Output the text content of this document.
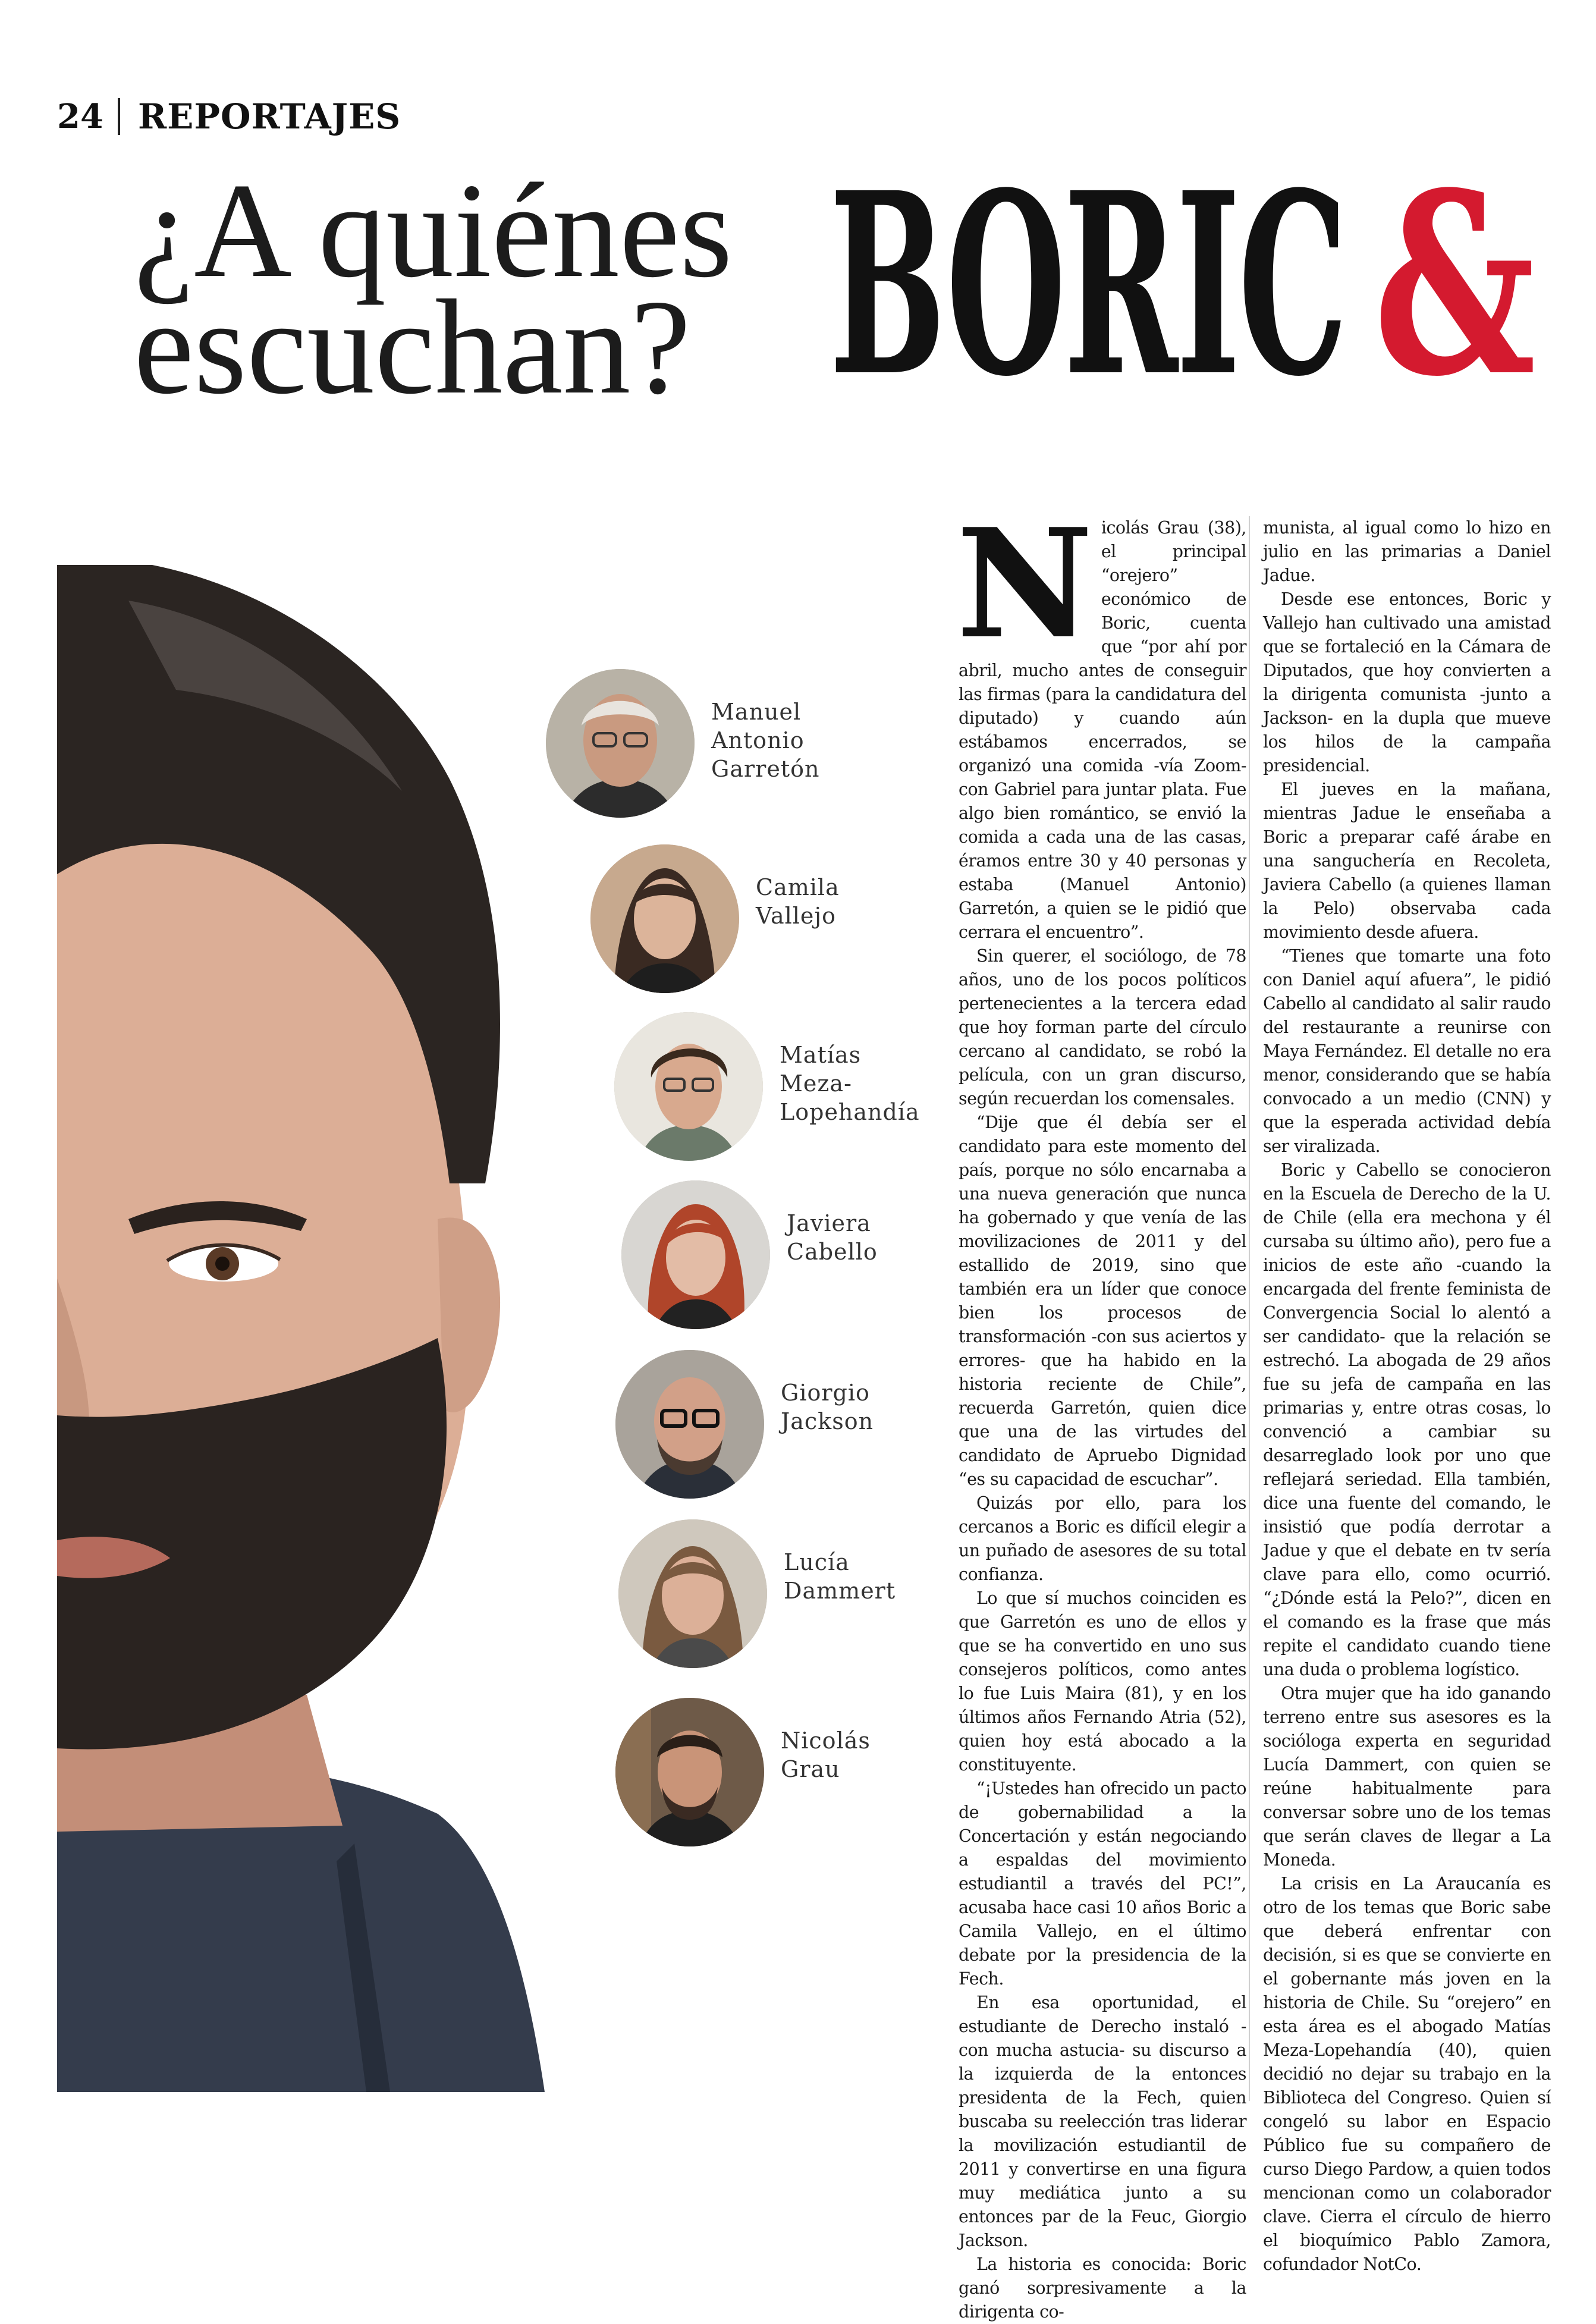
24 REPORTAJES
¿A quiénes
escuchan? BORIC &
Manuel
Antonio
Garretón
Camila
Vallejo
Matías
Meza-
Lopehandía
Javiera
Cabello
Giorgio
Jackson
Lucía
Dammert
Nicolás
Grau
N icolás Grau (38), el principal “orejero” económico de Boric, cuenta que “por ahí por abril, mucho antes de conseguir las firmas (para la candidatura del diputado) y cuando aún estábamos encerrados, se organizó una comida -vía Zoom- con Gabriel para juntar plata. Fue algo bien romántico, se envió la comida a cada una de las casas, éramos entre 30 y 40 personas y estaba (Manuel Antonio) Garretón, a quien se le pidió que cerrara el encuentro”.

Sin querer, el sociólogo, de 78 años, uno de los pocos políticos pertenecientes a la tercera edad que hoy forman parte del círculo cercano al candidato, se robó la película, con un gran discurso, según recuerdan los comensales.

“Dije que él debía ser el candidato para este momento del país, porque no sólo encarnaba a una nueva generación que nunca ha gobernado y que venía de las movilizaciones de 2011 y del estallido de 2019, sino que también era un líder que conoce bien los procesos de transformación -con sus aciertos y errores- que ha habido en la historia reciente de Chile”, recuerda Garretón, quien dice que una de las virtudes del candidato de Apruebo Dignidad “es su capacidad de escuchar”.

Quizás por ello, para los cercanos a Boric es difícil elegir a un puñado de asesores de su total confianza.

Lo que sí muchos coinciden es que Garretón es uno de ellos y que se ha convertido en uno sus consejeros políticos, como antes lo fue Luis Maira (81), y en los últimos años Fernando Atria (52), quien hoy está abocado a la constituyente.

“¡Ustedes han ofrecido un pacto de gobernabilidad a la Concertación y están negociando a espaldas del movimiento estudiantil a través del PC!”, acusaba hace casi 10 años Boric a Camila Vallejo, en el último debate por la presidencia de la Fech.

En esa oportunidad, el estudiante de Derecho instaló -con mucha astucia- su discurso a la izquierda de la entonces presidenta de la Fech, quien buscaba su reelección tras liderar la movilización estudiantil de 2011 y convertirse en una figura muy mediática junto a su entonces par de la Feuc, Giorgio Jackson.

La historia es conocida: Boric ganó sorpresivamente a la dirigenta co-

munista, al igual como lo hizo en julio en las primarias a Daniel Jadue.

Desde ese entonces, Boric y Vallejo han cultivado una amistad que se fortaleció en la Cámara de Diputados, que hoy convierten a la dirigenta comunista -junto a Jackson- en la dupla que mueve los hilos de la campaña presidencial.

El jueves en la mañana, mientras Jadue le enseñaba a Boric a preparar café árabe en una sanguchería en Recoleta, Javiera Cabello (a quienes llaman la Pelo) observaba cada movimiento desde afuera.

“Tienes que tomarte una foto con Daniel aquí afuera”, le pidió Cabello al candidato al salir raudo del restaurante a reunirse con Maya Fernández. El detalle no era menor, considerando que se había convocado a un medio (CNN) y que la esperada actividad debía ser viralizada.

Boric y Cabello se conocieron en la Escuela de Derecho de la U. de Chile (ella era mechona y él cursaba su último año), pero fue a inicios de este año -cuando la encargada del frente feminista de Convergencia Social lo alentó a ser candidato- que la relación se estrechó. La abogada de 29 años fue su jefa de campaña en las primarias y, entre otras cosas, lo convenció a cambiar su desarreglado look por uno que reflejará seriedad. Ella también, dice una fuente del comando, le insistió que podía derrotar a Jadue y que el debate en tv sería clave para ello, como ocurrió. “¿Dónde está la Pelo?”, dicen en el comando es la frase que más repite el candidato cuando tiene una duda o problema logístico.

Otra mujer que ha ido ganando terreno entre sus asesores es la socióloga experta en seguridad Lucía Dammert, con quien se reúne habitualmente para conversar sobre uno de los temas que serán claves de llegar a La Moneda.

La crisis en La Araucanía es otro de los temas que Boric sabe que deberá enfrentar con decisión, si es que se convierte en el gobernante más joven en la historia de Chile. Su “orejero” en esta área es el abogado Matías Meza-Lopehandía (40), quien decidió no dejar su trabajo en la Biblioteca del Congreso. Quien sí congeló su labor en Espacio Público fue su compañero de curso Diego Pardow, a quien todos mencionan como un colaborador clave. Cierra el círculo de hierro el bioquímico Pablo Zamora, cofundador NotCo.
